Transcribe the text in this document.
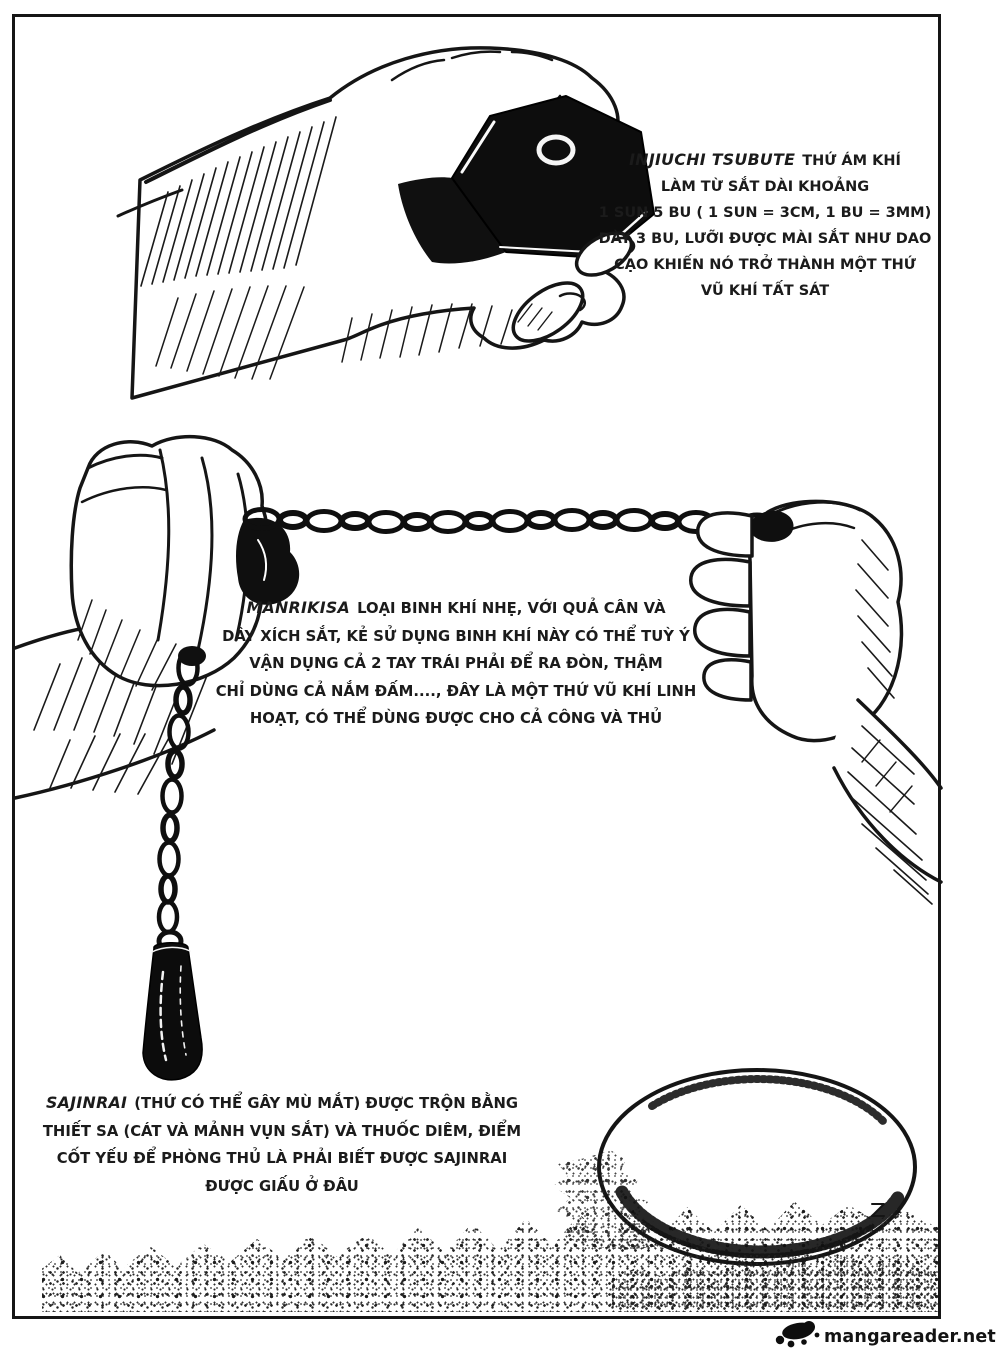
INJIUCHI TSUBUTE THỨ ÁM KHÍ
LÀM TỪ SẮT DÀI KHOẢNG
1 SUN 5 BU ( 1 SUN = 3CM, 1 BU = 3MM)
DÀY 3 BU, LƯỠI ĐƯỢC MÀI SẮT NHƯ DAO
CẠO KHIẾN NÓ TRỞ THÀNH MỘT THỨ
VŨ KHÍ TẤT SÁT
MANRIKISA LOẠI BINH KHÍ NHẸ, VỚI QUẢ CÂN VÀ
DÂY XÍCH SẮT, KẺ SỬ DỤNG BINH KHÍ NÀY CÓ THỂ TUỲ Ý
VẬN DỤNG CẢ 2 TAY TRÁI PHẢI ĐỂ RA ĐÒN, THẬM
CHỈ DÙNG CẢ NẮM ĐẤM...., ĐÂY LÀ MỘT THỨ VŨ KHÍ LINH
HOẠT, CÓ THỂ DÙNG ĐƯỢC CHO CẢ CÔNG VÀ THỦ
SAJINRAI (THỨ CÓ THỂ GÂY MÙ MẮT) ĐƯỢC TRỘN BẰNG
THIẾT SA (CÁT VÀ MẢNH VỤN SẮT) VÀ THUỐC DIÊM, ĐIỂM
CỐT YẾU ĐỂ PHÒNG THỦ LÀ PHẢI BIẾT ĐƯỢC SAJINRAI
ĐƯỢC GIẤU Ở ĐÂU
mangareader.net
